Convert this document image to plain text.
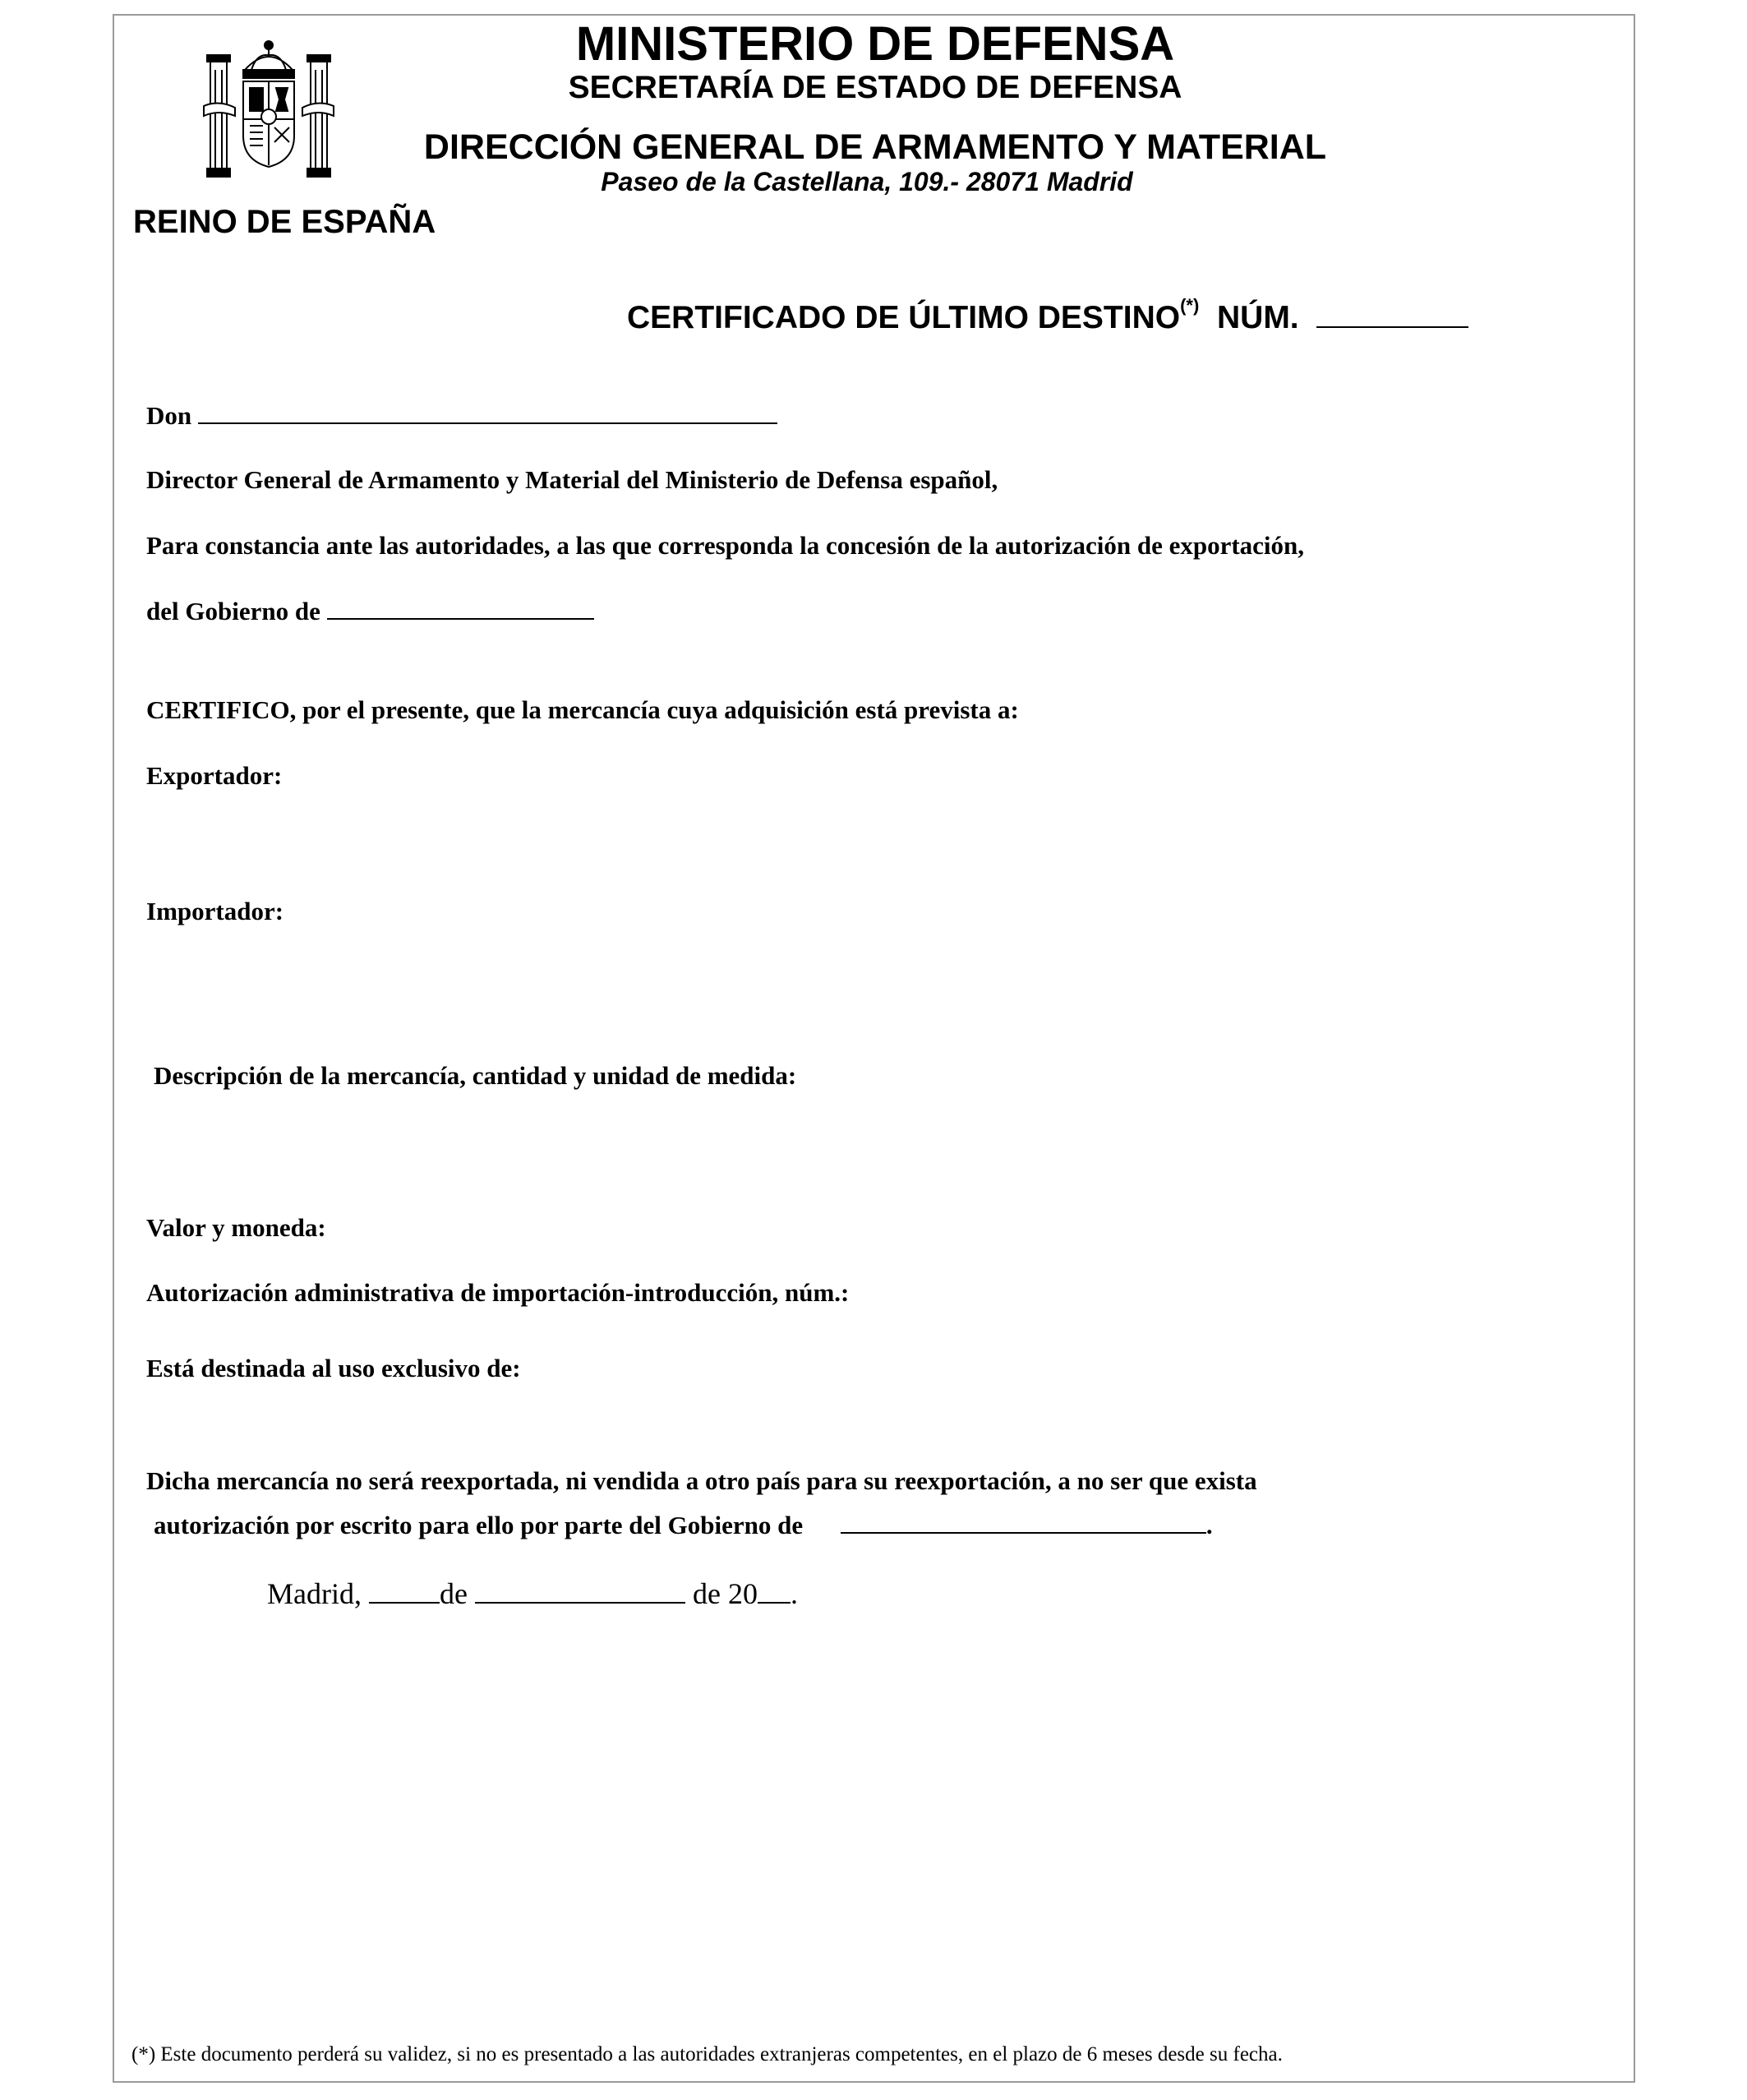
MINISTERIO DE DEFENSA
SECRETARÍA DE ESTADO DE DEFENSA
DIRECCIÓN GENERAL DE ARMAMENTO Y MATERIAL
Paseo de la Castellana, 109.- 28071 Madrid
REINO DE ESPAÑA
CERTIFICADO DE ÚLTIMO DESTINO(*) NÚM.
Don
Director General de Armamento y Material del Ministerio de Defensa español,
Para constancia ante las autoridades, a las que corresponda la concesión de la autorización de exportación,
del Gobierno de
CERTIFICO, por el presente, que la mercancía cuya adquisición está prevista a:
Exportador:
Importador:
Descripción de la mercancía, cantidad y unidad de medida:
Valor y moneda:
Autorización administrativa de importación-introducción, núm.:
Está destinada al uso exclusivo de:
Dicha mercancía no será reexportada, ni vendida a otro país para su reexportación, a no ser que exista
autorización por escrito para ello por parte del Gobierno de	.
Madrid,	de	de 20 .
(*) Este documento perderá su validez, si no es presentado a las autoridades extranjeras competentes, en el plazo de 6 meses desde su fecha.
